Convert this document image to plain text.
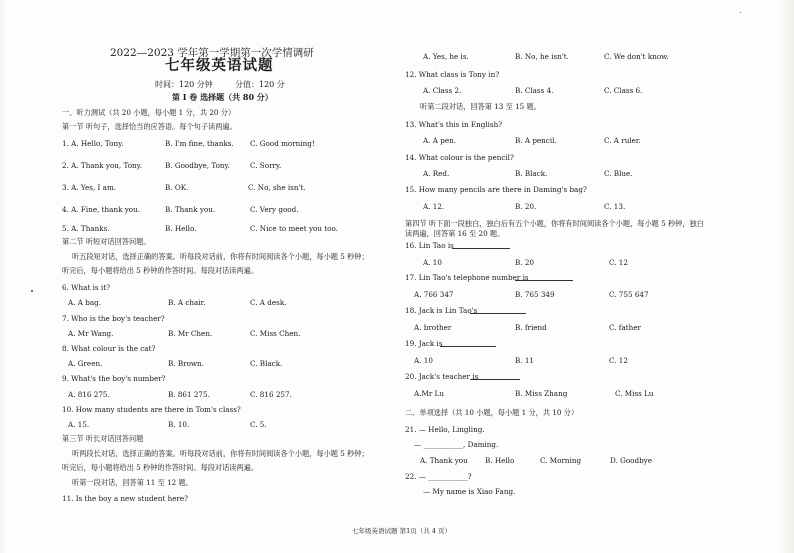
2022—2023 学年第一学期第一次学情调研
七年级英语试题
时间：120 分钟	分值：120 分
第 I 卷 选择题（共 80 分）
一、听力测试（共 20 小题，每小题 1 分，共 20 分）
第一节 听句子，选择恰当的应答语。每个句子读两遍。
1. A. Hello, Tony.	B. I'm fine, thanks. C. Good morning!
2. A. Thank you, Tony.	B. Goodbye, Tony.	C. Sorry.
3. A. Yes, I am.	B. OK.	C. No, she isn't.
4. A. Fine, thank you.	B. Thank you.	C. Very good.
5. A. Thanks.	B. Hello.	C. Nice to meet you too.
第二节 听短对话回答问题。
听五段短对话，选择正确的答案。听每段对话前，你将有时间阅读各个小题，每小题 5 秒钟；
听完后，每小题将给出 5 秒钟的作答时间。每段对话读两遍。
6. What is it?
A. A bag.	B. A chair.	C. A desk.
7. Who is the boy's teacher?
A. Mr Wang.	B. Mr Chen.	C. Miss Chen.
8. What colour is the cat?
A. Green.	B. Brown.	C. Black.
9. What's the boy's number?
A. 816 275.	B. 861 275.	C. 816 257.
10. How many students are there in Tom's class?
A. 15.	B. 10.	C. 5.
第三节 听长对话回答问题
听两段长对话，选择正确的答案。听每段对话前，你将有时间阅读各个小题，每小题 5 秒钟；
听完后，每小题将给出 5 秒钟的作答时间。每段对话读两遍。
听第一段对话，回答第 11 至 12 题。
11. Is the boy a new student here?
A. Yes, he is.	B. No, he isn't.	C. We don't know.
12. What class is Tony in?
A. Class 2.	B. Class 4.	C. Class 6.
听第二段对话，回答第 13 至 15 题。
13. What's this in English?
A. A pen.	B. A pencil.	C. A ruler.
14. What colour is the pencil?
A. Red.	B. Black.	C. Blue.
15. How many pencils are there in Daming's bag?
A. 12.	B. 20.	C. 13.
第四节 听下面一段独白，独白后有五个小题，你将有时间阅读各个小题，每小题 5 秒钟，独白
读两遍，回答第 16 至 20 题。
16. Lin Tao is
A. 10	B. 20	C. 12
17. Lin Tao's telephone number is
A. 766 347	B. 765 349	C. 755 647
18. Jack is Lin Tao's
A. brother	B. friend	C. father
19. Jack is
A. 10	B. 11	C. 12
20. Jack's teacher is
A.Mr Lu	B. Miss Zhang	C. Miss Lu
二、单项选择（共 10 小题，每小题 1 分，共 10 分）
21. — Hello, Lingling.
— ___________, Daming.
A. Thank you B. Hello	C. Morning	D. Goodbye
22. — ___________?
— My name is Xiao Fang.
七年级英语试题 第1页（共 4 页）
